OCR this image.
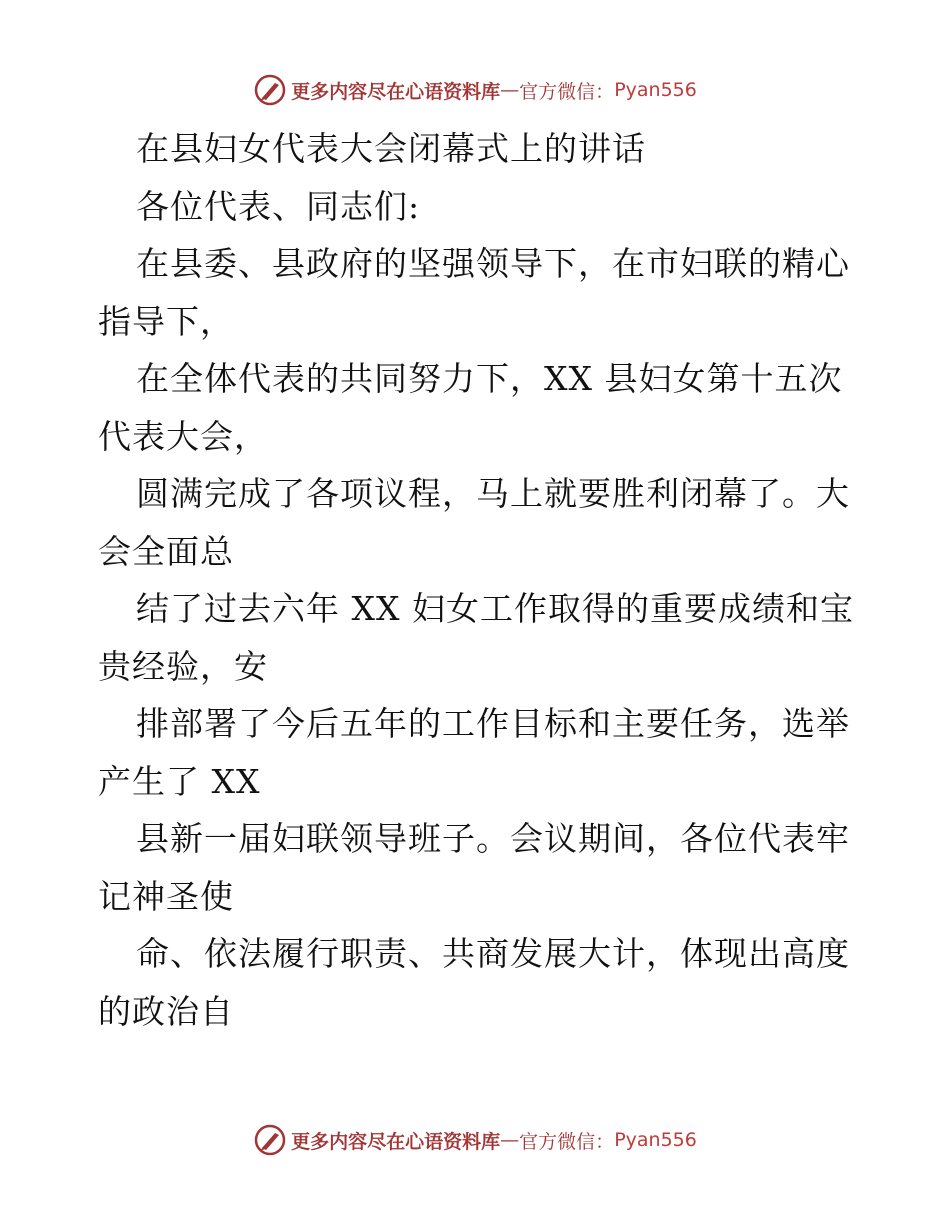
更多内容尽在心语资料库 — 官方微信： Pyan556
在县妇女代表大会闭幕式上的讲话
各位代表、同志们:
在县委、县政府的坚强领导下，在市妇联的精心
指导下，
在全体代表的共同努力下，XX 县妇女第十五次
代表大会，
圆满完成了各项议程，马上就要胜利闭幕了。大
会全面总
结了过去六年 XX 妇女工作取得的重要成绩和宝
贵经验，安
排部署了今后五年的工作目标和主要任务，选举
产生了 XX
县新一届妇联领导班子。会议期间，各位代表牢
记神圣使
命、依法履行职责、共商发展大计，体现出高度
的政治自
更多内容尽在心语资料库 — 官方微信： Pyan556
